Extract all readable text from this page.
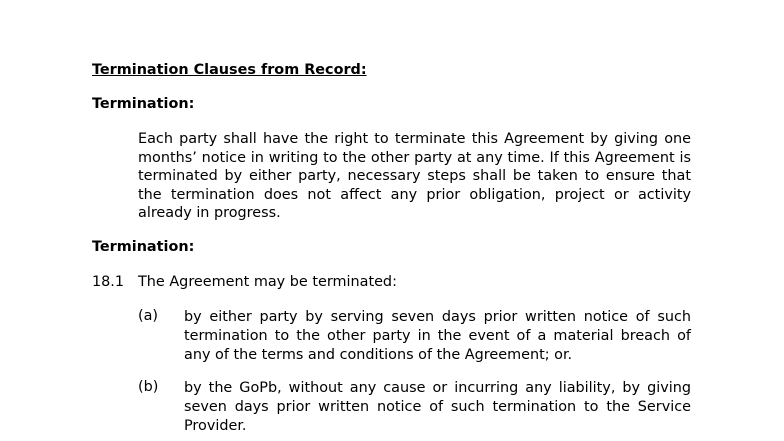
Termination Clauses from Record:
Termination:

Each party shall have the right to terminate this Agreement by giving one months’ notice in writing to the other party at any time. If this Agreement is terminated by either party, necessary steps shall be taken to ensure that the termination does not affect any prior obligation, project or activity already in progress.

Termination:
18.1 The Agreement may be terminated:
(a) by either party by serving seven days prior written notice of such termination to the other party in the event of a material breach of any of the terms and conditions of the Agreement; or.

(b) by the GoPb, without any cause or incurring any liability, by giving seven days prior written notice of such termination to the Service Provider.
